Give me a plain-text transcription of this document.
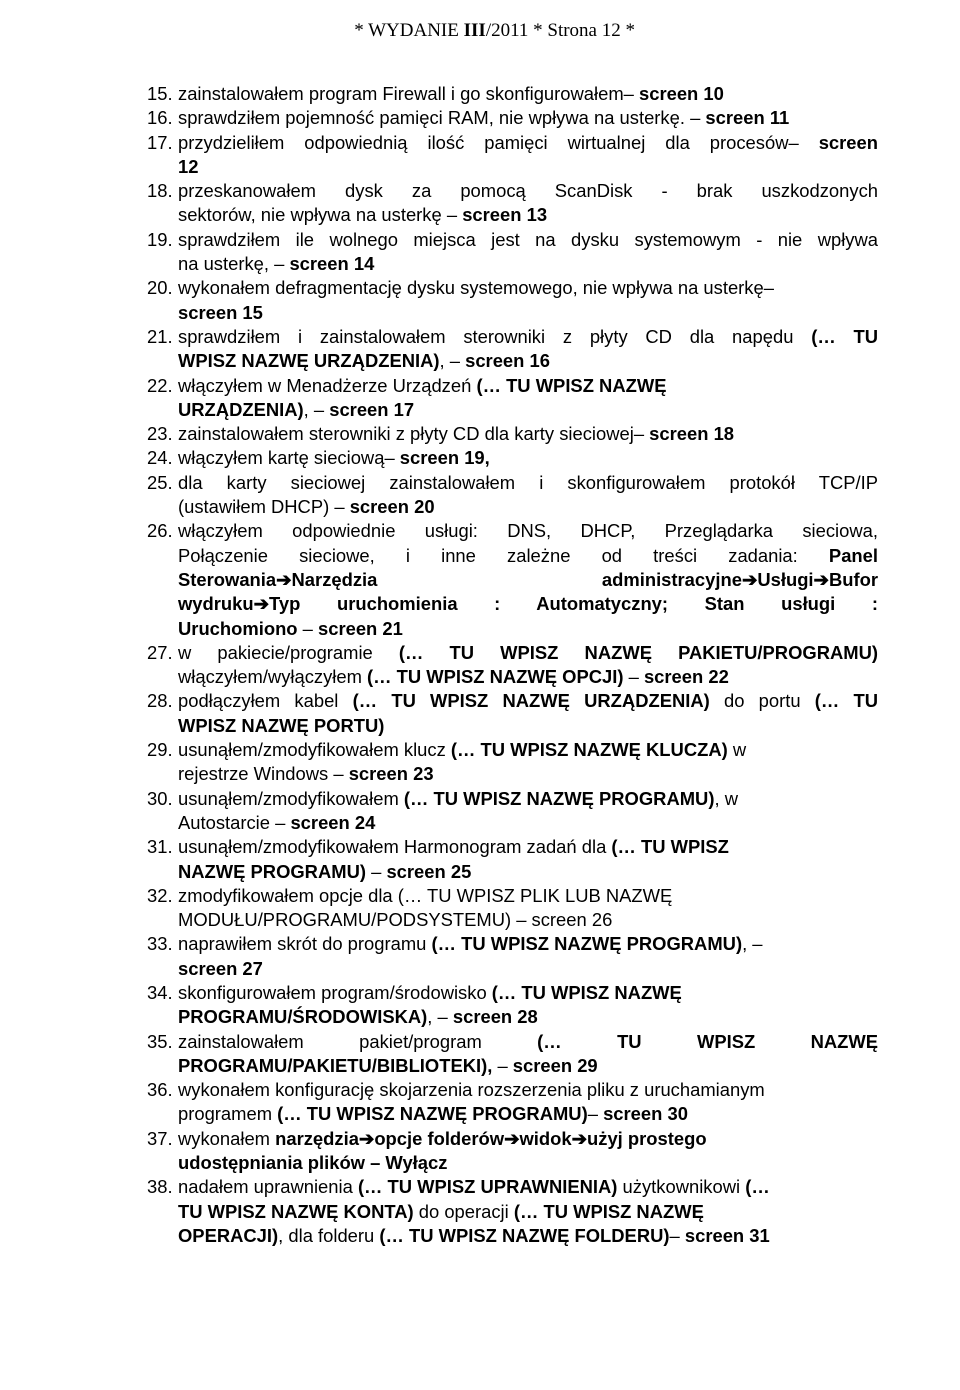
* WYDANIE III/2011 * Strona 12 *
15. zainstalowałem program Firewall i go skonfigurowałem– screen 10
16. sprawdziłem pojemność pamięci RAM, nie wpływa na usterkę. – screen 11
17. przydzieliłem odpowiednią ilość pamięci wirtualnej dla procesów– screen
12
18. przeskanowałem dysk za pomocą ScanDisk - brak uszkodzonych
sektorów, nie wpływa na usterkę – screen 13
19. sprawdziłem ile wolnego miejsca jest na dysku systemowym - nie wpływa
na usterkę, – screen 14
20. wykonałem defragmentację dysku systemowego, nie wpływa na usterkę–
screen 15
21. sprawdziłem i zainstalowałem sterowniki z płyty CD dla napędu (… TU
WPISZ NAZWĘ URZĄDZENIA), – screen 16
22. włączyłem w Menadżerze Urządzeń (… TU WPISZ NAZWĘ
URZĄDZENIA), – screen 17
23. zainstalowałem sterowniki z płyty CD dla karty sieciowej– screen 18
24. włączyłem kartę sieciową– screen 19,
25. dla karty sieciowej zainstalowałem i skonfigurowałem protokół TCP/IP
(ustawiłem DHCP) – screen 20
26. włączyłem odpowiednie usługi: DNS, DHCP, Przeglądarka sieciowa,
Połączenie sieciowe, i inne zależne od treści zadania: Panel
Sterowania➔Narzędzia administracyjne➔Usługi➔Bufor
wydruku➔Typ uruchomienia : Automatyczny; Stan usługi :
Uruchomiono – screen 21
27. w pakiecie/programie (… TU WPISZ NAZWĘ PAKIETU/PROGRAMU)
włączyłem/wyłączyłem (… TU WPISZ NAZWĘ OPCJI) – screen 22
28. podłączyłem kabel (… TU WPISZ NAZWĘ URZĄDZENIA) do portu (… TU
WPISZ NAZWĘ PORTU)
29. usunąłem/zmodyfikowałem klucz (… TU WPISZ NAZWĘ KLUCZA) w
rejestrze Windows – screen 23
30. usunąłem/zmodyfikowałem (… TU WPISZ NAZWĘ PROGRAMU), w
Autostarcie – screen 24
31. usunąłem/zmodyfikowałem Harmonogram zadań dla (… TU WPISZ
NAZWĘ PROGRAMU) – screen 25
32. zmodyfikowałem opcje dla (… TU WPISZ PLIK LUB NAZWĘ
MODUŁU/PROGRAMU/PODSYSTEMU) – screen 26
33. naprawiłem skrót do programu (… TU WPISZ NAZWĘ PROGRAMU), –
screen 27
34. skonfigurowałem program/środowisko (… TU WPISZ NAZWĘ
PROGRAMU/ŚRODOWISKA), – screen 28
35. zainstalowałem pakiet/program (… TU WPISZ NAZWĘ
PROGRAMU/PAKIETU/BIBLIOTEKI), – screen 29
36. wykonałem konfigurację skojarzenia rozszerzenia pliku z uruchamianym
programem (… TU WPISZ NAZWĘ PROGRAMU)– screen 30
37. wykonałem narzędzia➔opcje folderów➔widok➔użyj prostego
udostępniania plików – Wyłącz
38. nadałem uprawnienia (… TU WPISZ UPRAWNIENIA) użytkownikowi (…
TU WPISZ NAZWĘ KONTA) do operacji (… TU WPISZ NAZWĘ
OPERACJI), dla folderu (… TU WPISZ NAZWĘ FOLDERU)– screen 31
